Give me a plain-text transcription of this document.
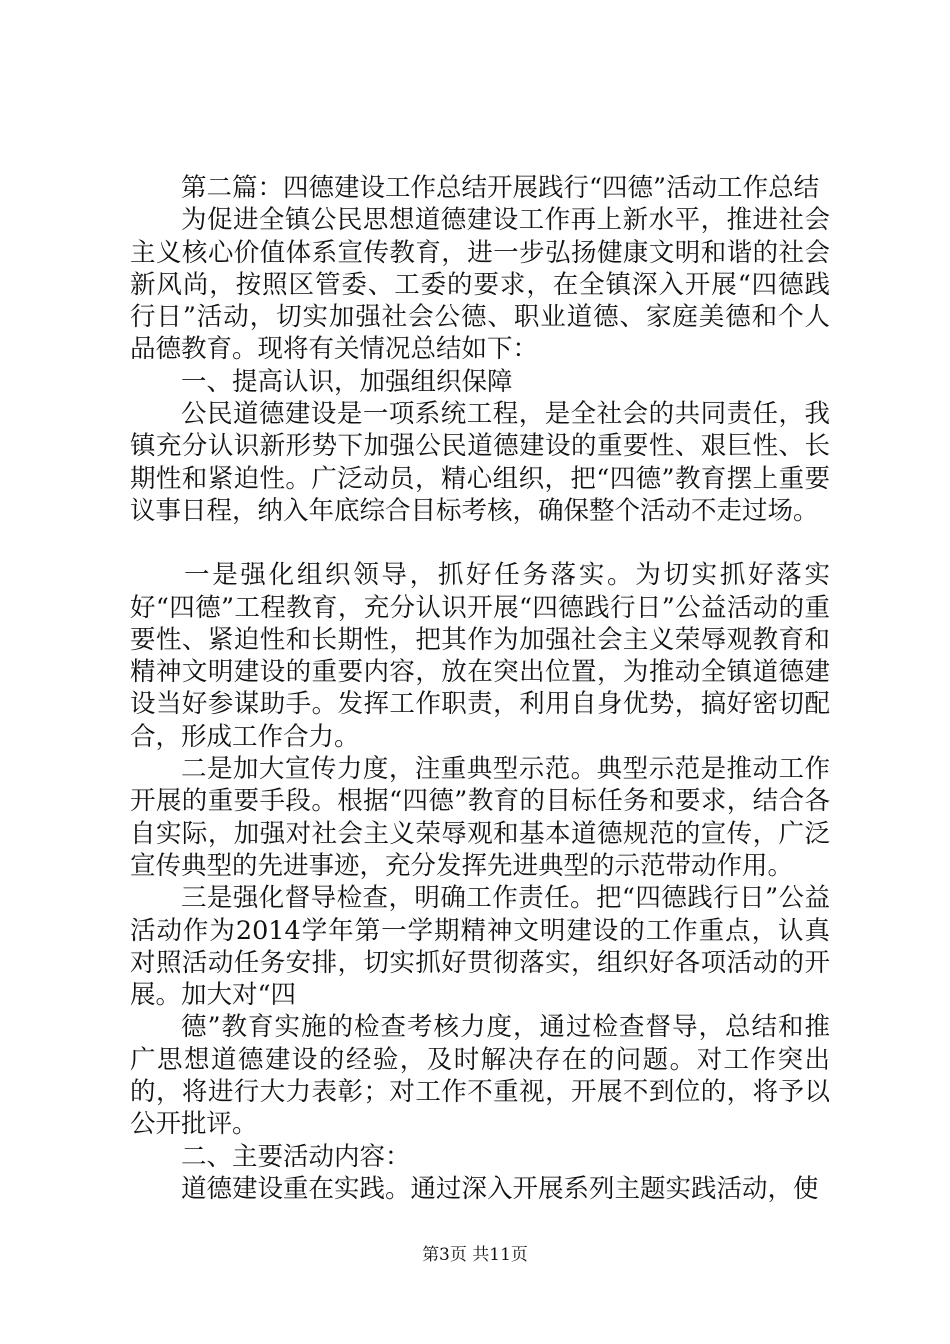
第二篇：四德建设工作总结开展践行“四德”活动工作总结

为促进全镇公民思想道德建设工作再上新水平，推进社会主义核心价值体系宣传教育，进一步弘扬健康文明和谐的社会新风尚，按照区管委、工委的要求，在全镇深入开展“四德践行日”活动，切实加强社会公德、职业道德、家庭美德和个人品德教育。现将有关情况总结如下：

一、提高认识，加强组织保障

公民道德建设是一项系统工程，是全社会的共同责任，我镇充分认识新形势下加强公民道德建设的重要性、艰巨性、长期性和紧迫性。广泛动员，精心组织，把“四德”教育摆上重要议事日程，纳入年底综合目标考核，确保整个活动不走过场。

一是强化组织领导，抓好任务落实。为切实抓好落实好“四德”工程教育，充分认识开展“四德践行日”公益活动的重要性、紧迫性和长期性，把其作为加强社会主义荣辱观教育和精神文明建设的重要内容，放在突出位置，为推动全镇道德建设当好参谋助手。发挥工作职责，利用自身优势，搞好密切配合，形成工作合力。

二是加大宣传力度，注重典型示范。典型示范是推动工作开展的重要手段。根据“四德”教育的目标任务和要求，结合各自实际，加强对社会主义荣辱观和基本道德规范的宣传，广泛宣传典型的先进事迹，充分发挥先进典型的示范带动作用。

三是强化督导检查，明确工作责任。把“四德践行日”公益活动作为2014学年第一学期精神文明建设的工作重点，认真对照活动任务安排，切实抓好贯彻落实，组织好各项活动的开展。加大对“四

德”教育实施的检查考核力度，通过检查督导，总结和推广思想道德建设的经验，及时解决存在的问题。对工作突出的，将进行大力表彰；对工作不重视，开展不到位的，将予以公开批评。

二、主要活动内容：

道德建设重在实践。通过深入开展系列主题实践活动，使

第3页 共11页
